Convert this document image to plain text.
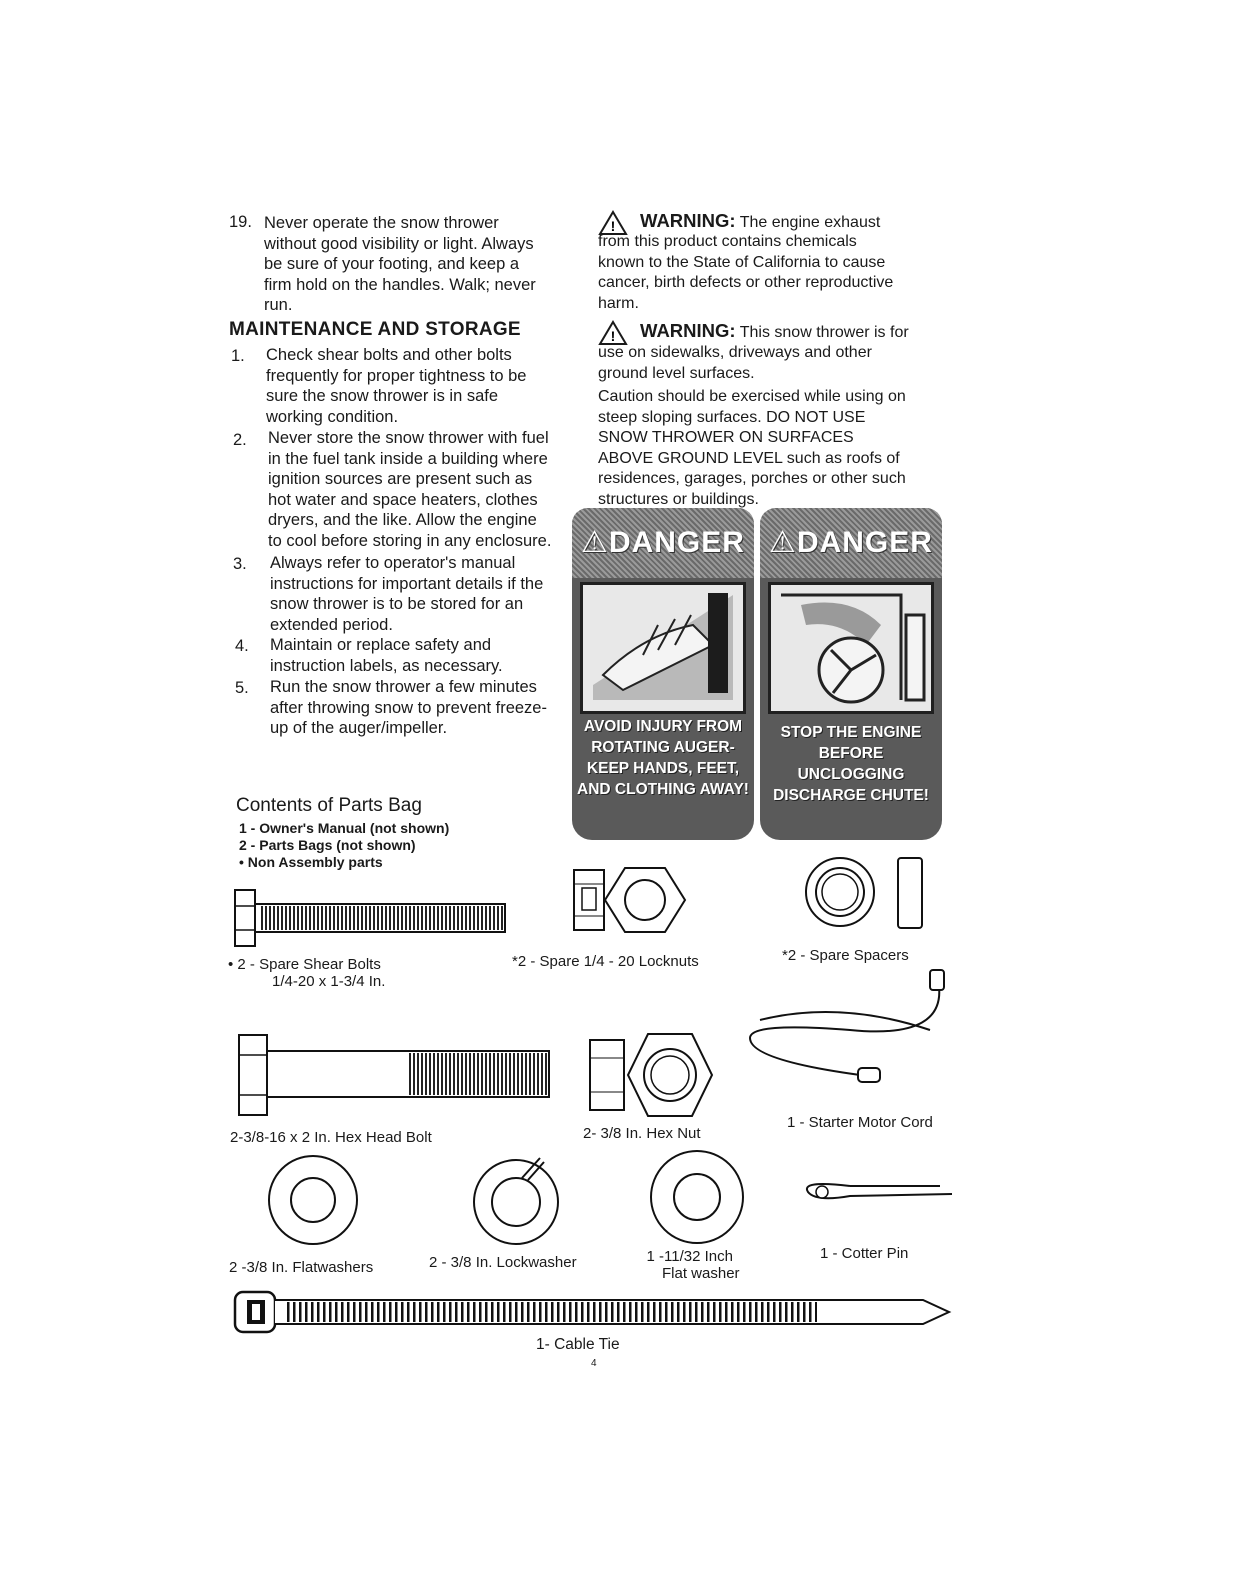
19. Never operate the snow thrower
without good visibility or light. Always
be sure of your footing, and keep a
firm hold on the handles. Walk; never
run.
MAINTENANCE AND STORAGE
1. Check shear bolts and other bolts
frequently for proper tightness to be
sure the snow thrower is in safe
working condition.
2. Never store the snow thrower with fuel
in the fuel tank inside a building where
ignition sources are present such as
hot water and space heaters, clothes
dryers, and the like. Allow the engine
to cool before storing in any enclosure.
3. Always refer to operator's manual
instructions for important details if the
snow thrower is to be stored for an
extended period.
4. Maintain or replace safety and
instruction labels, as necessary.
5. Run the snow thrower a few minutes
after throwing snow to prevent freeze-
up of the auger/impeller.
! WARNING: The engine exhaust
from this product contains chemicals
known to the State of California to cause
cancer, birth defects or other reproductive
harm.
! WARNING: This snow thrower is for
use on sidewalks, driveways and other
ground level surfaces.
Caution should be exercised while using on
steep sloping surfaces. DO NOT USE
SNOW THROWER ON SURFACES
ABOVE GROUND LEVEL such as roofs of
residences, garages, porches or other such
structures or buildings.
⚠DANGER
AVOID INJURY FROM
ROTATING AUGER-
KEEP HANDS, FEET,
AND CLOTHING AWAY!
⚠DANGER
STOP THE ENGINE
BEFORE UNCLOGGING
DISCHARGE CHUTE!
Contents of Parts Bag
1 - Owner's Manual (not shown)
2 - Parts Bags (not shown)
• Non Assembly parts
• 2 - Spare Shear Bolts
1/4-20 x 1-3/4 In.
*2 - Spare 1/4 - 20 Locknuts	*2 - Spare Spacers
2-3/8-16 x 2 In. Hex Head Bolt	2- 3/8 In. Hex Nut
1 - Starter Motor Cord
2 -3/8 In. Flatwashers	2 - 3/8 In. Lockwasher	1 -11/32 Inch
Flat washer
1 - Cotter Pin
1- Cable Tie
4
